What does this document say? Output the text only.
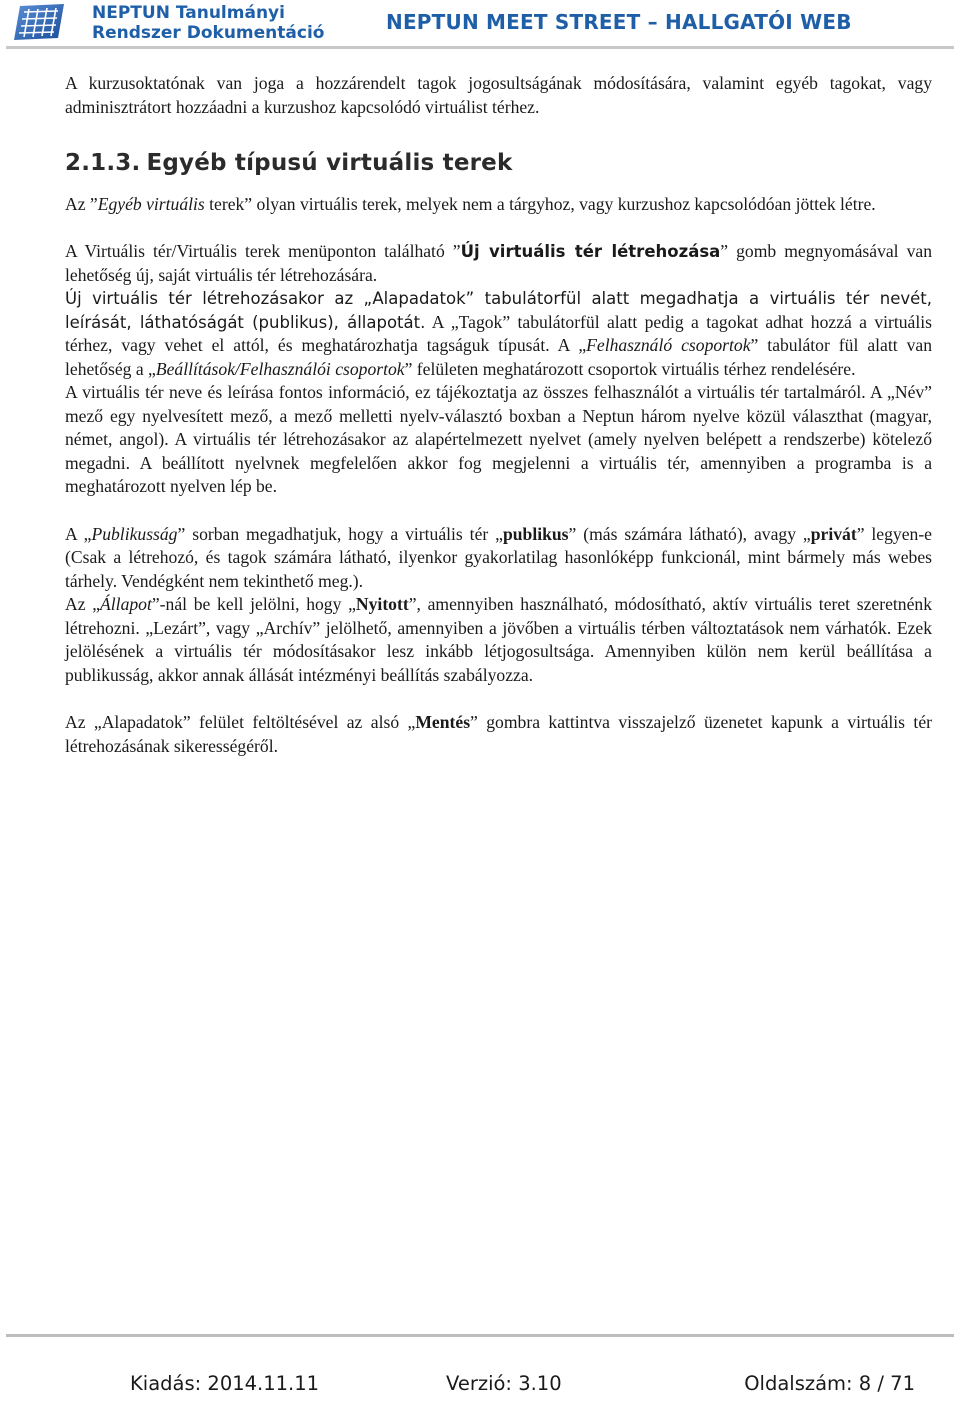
NEPTUN Tanulmányi
Rendszer Dokumentáció	NEPTUN MEET STREET – HALLGATÓI WEB

A kurzusoktatónak van joga a hozzárendelt tagok jogosultságának módosítására, valamint egyéb tagokat, vagy adminisztrátort hozzáadni a kurzushoz kapcsolódó virtuálist térhez.

2.1.3. Egyéb típusú virtuális terek

Az ”Egyéb virtuális terek” olyan virtuális terek, melyek nem a tárgyhoz, vagy kurzushoz kapcsolódóan jöttek létre.

A Virtuális tér/Virtuális terek menüponton található ”Új virtuális tér létrehozása” gomb megnyomásával van lehetőség új, saját virtuális tér létrehozására.

Új virtuális tér létrehozásakor az „Alapadatok” tabulátorfül alatt megadhatja a virtuális tér nevét, leírását, láthatóságát (publikus), állapotát. A „Tagok” tabulátorfül alatt pedig a tagokat adhat hozzá a virtuális térhez, vagy vehet el attól, és meghatározhatja tagságuk típusát. A „Felhasználó csoportok” tabulátor fül alatt van lehetőség a „Beállítások/Felhasználói csoportok” felületen meghatározott csoportok virtuális térhez rendelésére.

A virtuális tér neve és leírása fontos információ, ez tájékoztatja az összes felhasználót a virtuális tér tartalmáról. A „Név” mező egy nyelvesített mező, a mező melletti nyelv-választó boxban a Neptun három nyelve közül választhat (magyar, német, angol). A virtuális tér létrehozásakor az alapértelmezett nyelvet (amely nyelven belépett a rendszerbe) kötelező megadni. A beállított nyelvnek megfelelően akkor fog megjelenni a virtuális tér, amennyiben a programba is a meghatározott nyelven lép be.

A „Publikusság” sorban megadhatjuk, hogy a virtuális tér „publikus” (más számára látható), avagy „privát” legyen-e (Csak a létrehozó, és tagok számára látható, ilyenkor gyakorlatilag hasonlóképp funkcionál, mint bármely más webes tárhely. Vendégként nem tekinthető meg.).

Az „Állapot”-nál be kell jelölni, hogy „Nyitott”, amennyiben használható, módosítható, aktív virtuális teret szeretnénk létrehozni. „Lezárt”, vagy „Archív” jelölhető, amennyiben a jövőben a virtuális térben változtatások nem várhatók. Ezek jelölésének a virtuális tér módosításakor lesz inkább létjogosultsága. Amennyiben külön nem kerül beállítása a publikusság, akkor annak állását intézményi beállítás szabályozza.

Az „Alapadatok” felület feltöltésével az alsó „Mentés” gombra kattintva visszajelző üzenetet kapunk a virtuális tér létrehozásának sikerességéről.

Kiadás: 2014.11.11	Verzió: 3.10	Oldalszám: 8 / 71
